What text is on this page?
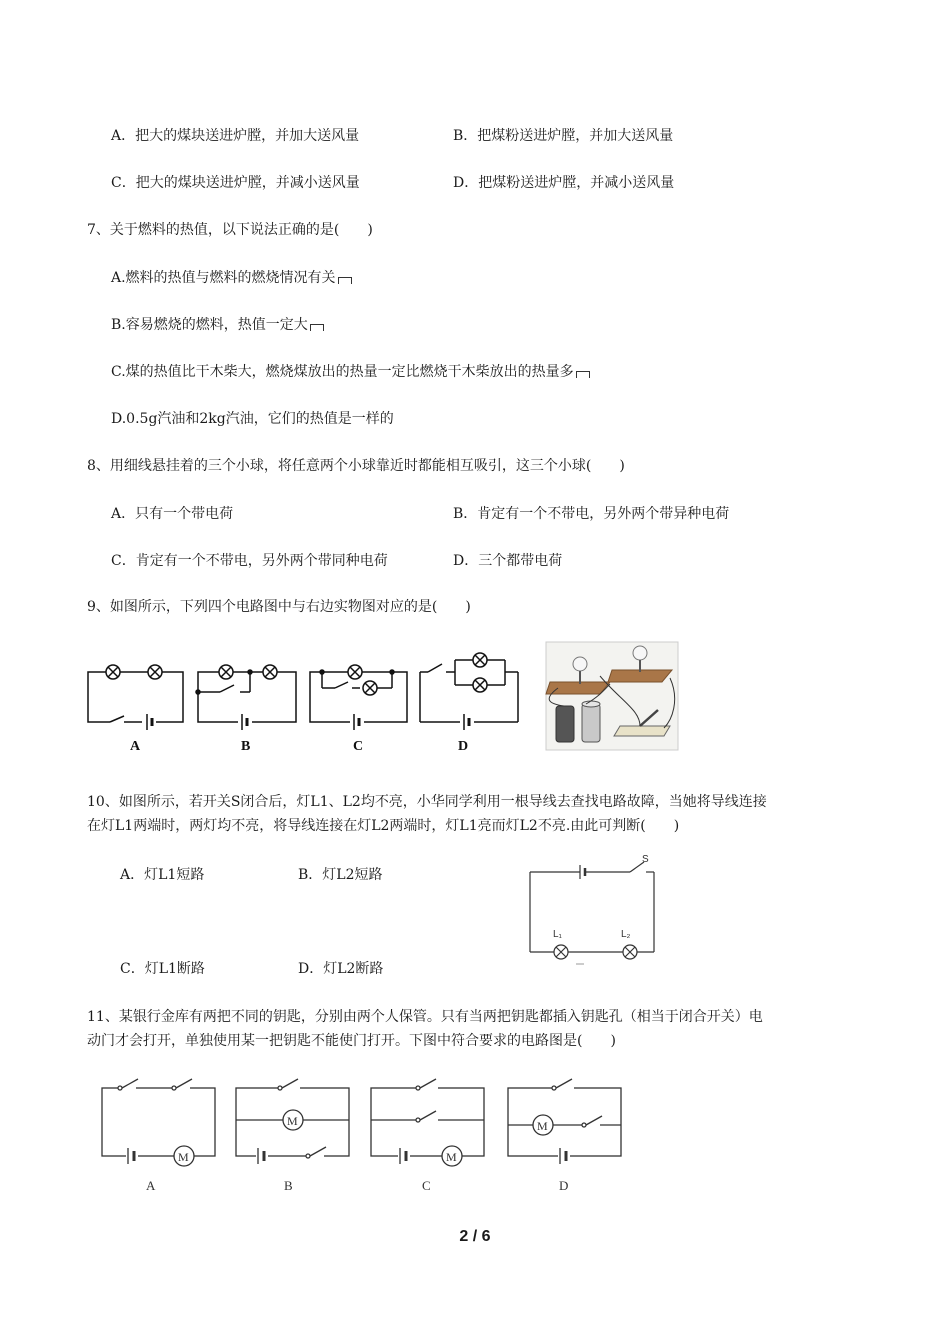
A．把大的煤块送进炉膛，并加大送风量	B．把煤粉送进炉膛，并加大送风量
C．把大的煤块送进炉膛，并减小送风量	D．把煤粉送进炉膛，并减小送风量
7、关于燃料的热值，以下说法正确的是(　　)
A.燃料的热值与燃料的燃烧情况有关
B.容易燃烧的燃料，热值一定大
C.煤的热值比干木柴大，燃烧煤放出的热量一定比燃烧干木柴放出的热量多
D.0.5g汽油和2kg汽油，它们的热值是一样的
8、用细线悬挂着的三个小球，将任意两个小球靠近时都能相互吸引，这三个小球(　　)
A．只有一个带电荷	B．肯定有一个不带电，另外两个带异种电荷
C．肯定有一个不带电，另外两个带同种电荷	D．三个都带电荷
9、如图所示，下列四个电路图中与右边实物图对应的是(　　)
A	B	C	D
10、如图所示，若开关S闭合后，灯L1、L2均不亮，小华同学利用一根导线去查找电路故障，当她将导线连接
在灯L1两端时，两灯均不亮，将导线连接在灯L2两端时，灯L1亮而灯L2不亮.由此可判断(　　)
A．灯L1短路	B．灯L2短路
C．灯L1断路	D．灯L2断路
S
L₁	L₂
11、某银行金库有两把不同的钥匙，分别由两个人保管。只有当两把钥匙都插入钥匙孔（相当于闭合开关）电
动门才会打开，单独使用某一把钥匙不能使门打开。下图中符合要求的电路图是(　　)
M
A
M
B
M
C
M
D
2 / 6
